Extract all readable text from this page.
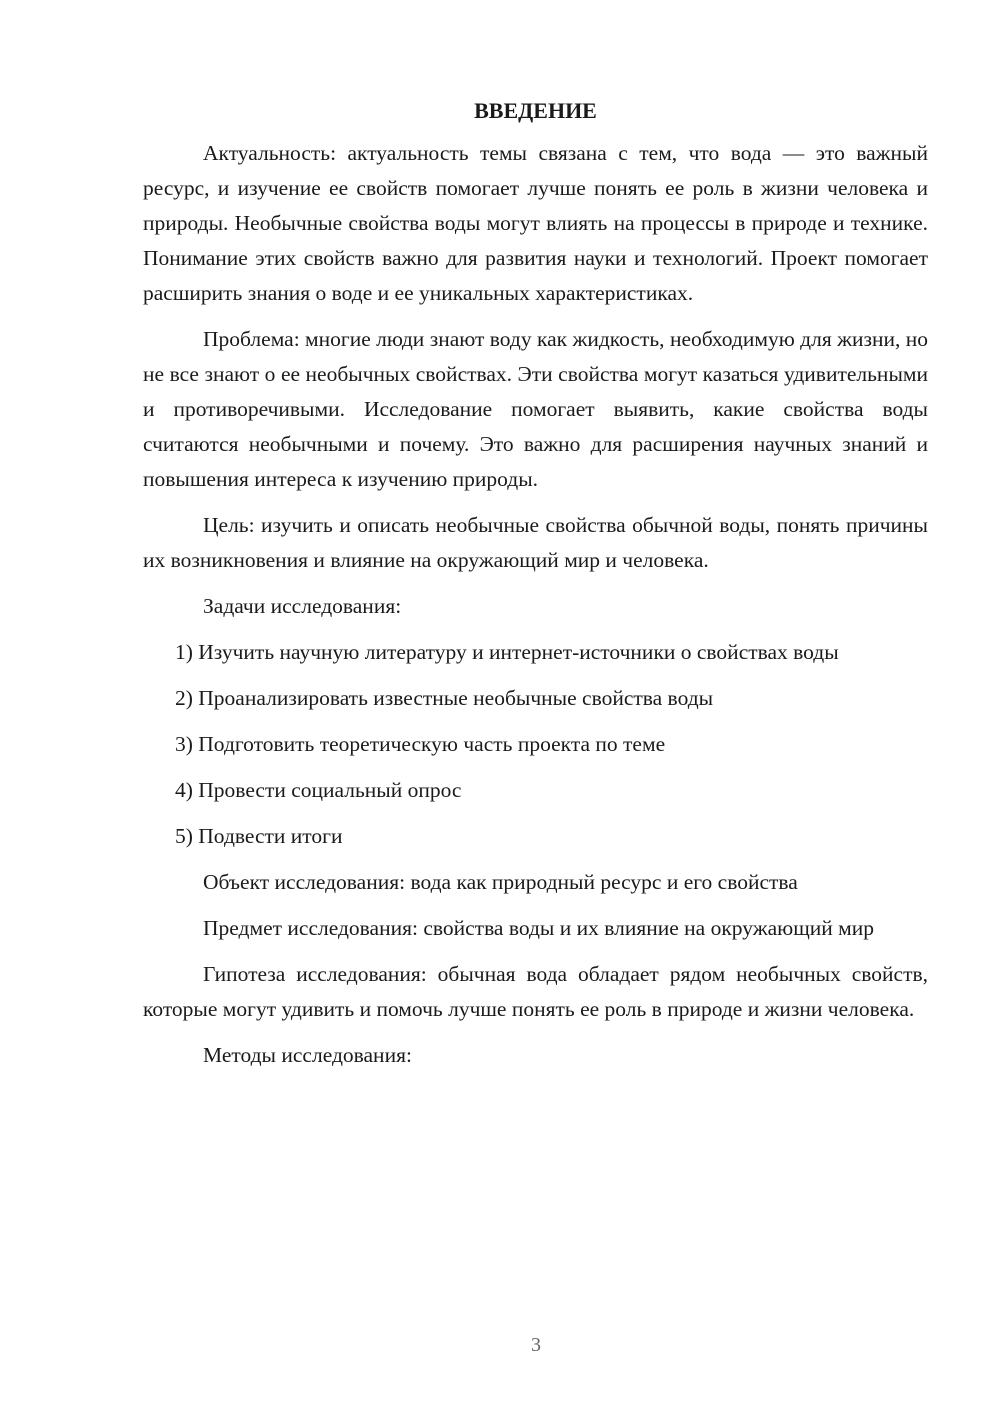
ВВЕДЕНИЕ

Актуальность: актуальность темы связана с тем, что вода — это важный ресурс, и изучение ее свойств помогает лучше понять ее роль в жизни человека и природы. Необычные свойства воды могут влиять на процессы в природе и технике. Понимание этих свойств важно для развития науки и технологий. Проект помогает расширить знания о воде и ее уникальных характеристиках.

Проблема: многие люди знают воду как жидкость, необходимую для жизни, но не все знают о ее необычных свойствах. Эти свойства могут казаться удивительными и противоречивыми. Исследование помогает выявить, какие свойства воды считаются необычными и почему. Это важно для расширения научных знаний и повышения интереса к изучению природы.

Цель: изучить и описать необычные свойства обычной воды, понять причины их возникновения и влияние на окружающий мир и человека.

Задачи исследования:

1) Изучить научную литературу и интернет-источники о свойствах воды

2) Проанализировать известные необычные свойства воды

3) Подготовить теоретическую часть проекта по теме

4) Провести социальный опрос

5) Подвести итоги

Объект исследования: вода как природный ресурс и его свойства

Предмет исследования: свойства воды и их влияние на окружающий мир

Гипотеза исследования: обычная вода обладает рядом необычных свойств, которые могут удивить и помочь лучше понять ее роль в природе и жизни человека.

Методы исследования:

3
